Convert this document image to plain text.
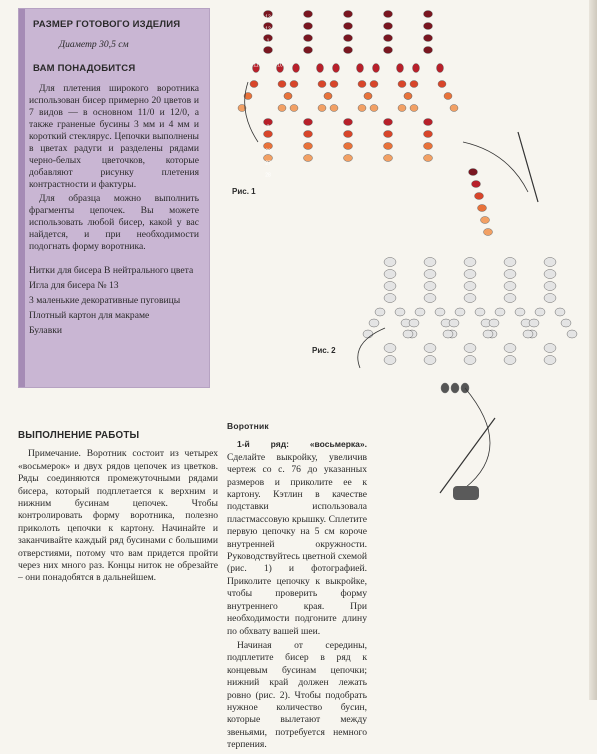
РАЗМЕР ГОТОВОГО ИЗДЕЛИЯ
Диаметр 30,5 см
ВАМ ПОНАДОБИТСЯ
Для плетения широкого воротника использован бисер примерно 20 цветов и 7 видов — в основном 11/0 и 12/0, а также граненые бусины 3 мм и 4 мм и короткий стеклярус. Цепочки выполнены в цветах радуги и разделены рядами черно-белых цветочков, которые добавляют рисунку плетения контрастности и фактуры.
Для образца можно выполнить фрагменты цепочек. Вы можете использовать любой бисер, какой у вас найдется, и при необходимости подогнать форму воротника.
Нитки для бисера В нейтрального цвета
Игла для бисера № 13
3 маленькие декоративные пуговицы
Плотный картон для макраме
Булавки
13
12
1
11	10
3
26
27
28
Рис. 1
Рис. 2
ВЫПОЛНЕНИЕ РАБОТЫ
Примечание. Воротник состоит из четырех «восьмерок» и двух рядов цепочек из цветков. Ряды соединяются промежуточными рядами бисера, который подплетается к верхним и нижним бусинам цепочек. Чтобы контролировать форму воротника, полезно приколоть цепочки к картону. Начинайте и заканчивайте каждый ряд бусинами с большими отверстиями, потому что вам придется пройти через них много раз. Концы ниток не обрезайте – они понадобятся в дальнейшем.
Воротник
1-й ряд: «восьмерка». Сделайте выкройку, увеличив чертеж со с. 76 до указанных размеров и приколите ее к картону. Кэтлин в качестве подставки использовала пластмассовую крышку. Сплетите первую цепочку на 5 см короче внутренней окружности. Руководствуйтесь цветной схемой (рис. 1) и фотографией. Приколите цепочку к выкройке, чтобы проверить форму внутреннего края. При необходимости подгоните длину по обхвату вашей шеи.
Начиная от середины, подплетите бисер в ряд к концевым бусинам цепочки; нижний край должен лежать ровно (рис. 2). Чтобы подобрать нужное количество бусин, которые вылетают между звеньями, потребуется немного терпения.
